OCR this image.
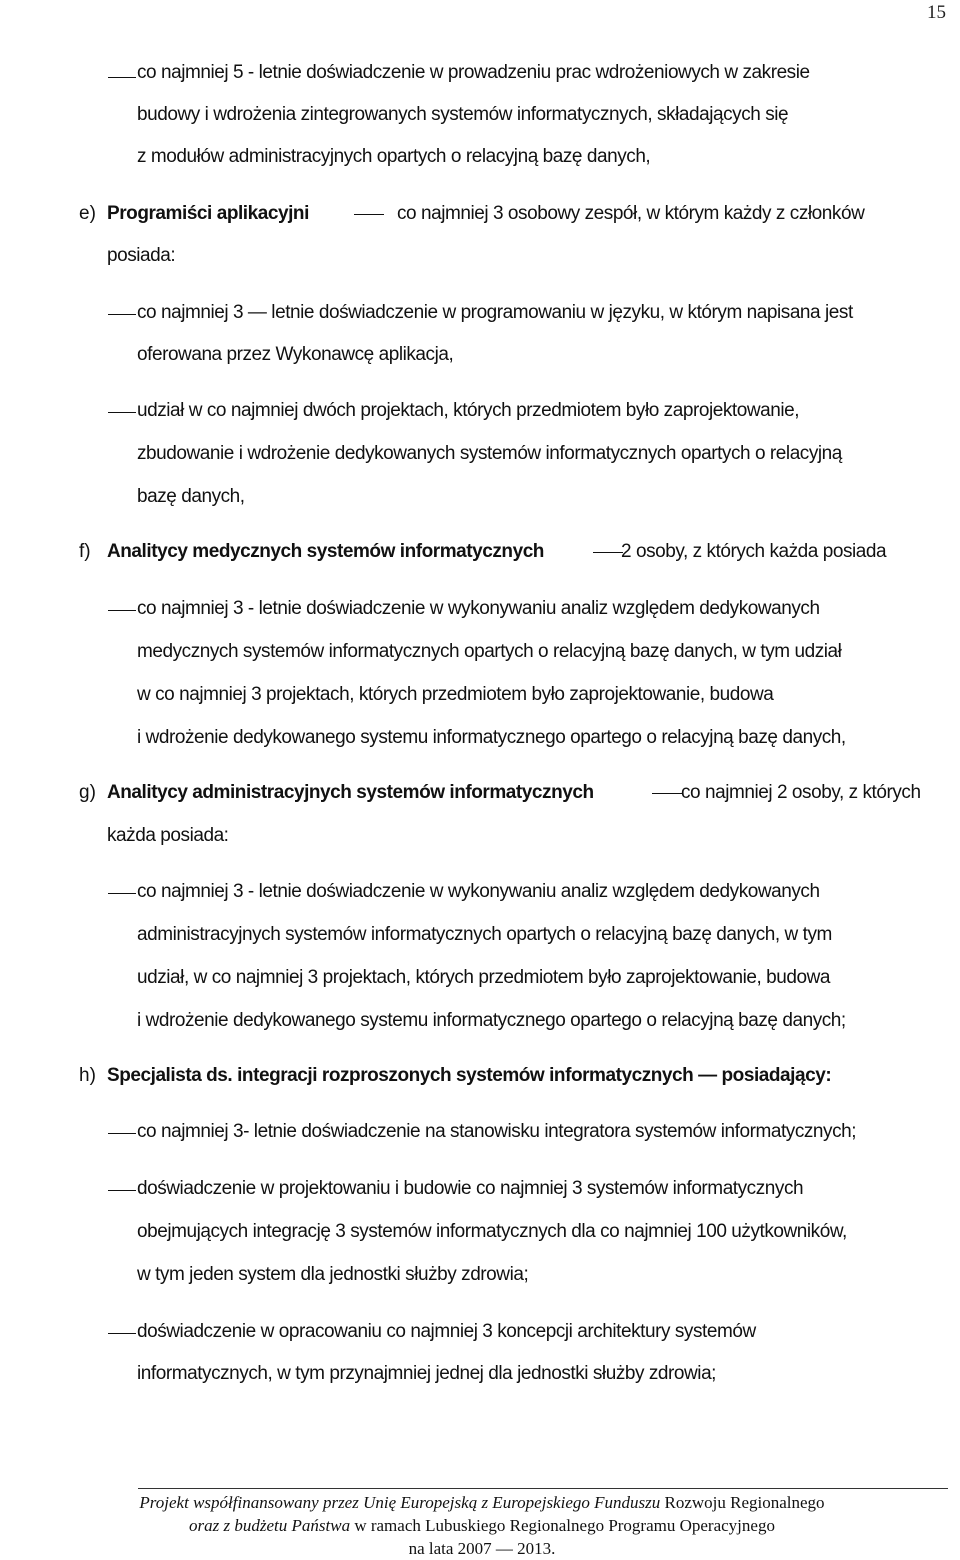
15
co najmniej 5 - letnie doświadczenie w prowadzeniu prac wdrożeniowych w zakresie
budowy i wdrożenia zintegrowanych systemów informatycznych, składających się
z modułów administracyjnych opartych o relacyjną bazę danych,
e) Programiści aplikacyjni	co najmniej 3 osobowy zespół, w którym każdy z członków
posiada:
co najmniej 3 — letnie doświadczenie w programowaniu w języku, w którym napisana jest
oferowana przez Wykonawcę aplikacja,
udział w co najmniej dwóch projektach, których przedmiotem było zaprojektowanie,
zbudowanie i wdrożenie dedykowanych systemów informatycznych opartych o relacyjną
bazę danych,
f) Analitycy medycznych systemów informatycznych	2 osoby, z których każda posiada
co najmniej 3 - letnie doświadczenie w wykonywaniu analiz względem dedykowanych
medycznych systemów informatycznych opartych o relacyjną bazę danych, w tym udział
w co najmniej 3 projektach, których przedmiotem było zaprojektowanie, budowa
i wdrożenie dedykowanego systemu informatycznego opartego o relacyjną bazę danych,
g) Analitycy administracyjnych systemów informatycznych	co najmniej 2 osoby, z których
każda posiada:
co najmniej 3 - letnie doświadczenie w wykonywaniu analiz względem dedykowanych
administracyjnych systemów informatycznych opartych o relacyjną bazę danych, w tym
udział, w co najmniej 3 projektach, których przedmiotem było zaprojektowanie, budowa
i wdrożenie dedykowanego systemu informatycznego opartego o relacyjną bazę danych;
h) Specjalista ds. integracji rozproszonych systemów informatycznych — posiadający:
co najmniej 3- letnie doświadczenie na stanowisku integratora systemów informatycznych;
doświadczenie w projektowaniu i budowie co najmniej 3 systemów informatycznych
obejmujących integrację 3 systemów informatycznych dla co najmniej 100 użytkowników,
w tym jeden system dla jednostki służby zdrowia;
doświadczenie w opracowaniu co najmniej 3 koncepcji architektury systemów
informatycznych, w tym przynajmniej jednej dla jednostki służby zdrowia;
Projekt współfinansowany przez Unię Europejską z Europejskiego Funduszu Rozwoju Regionalnego
oraz z budżetu Państwa w ramach Lubuskiego Regionalnego Programu Operacyjnego
na lata 2007 — 2013.
